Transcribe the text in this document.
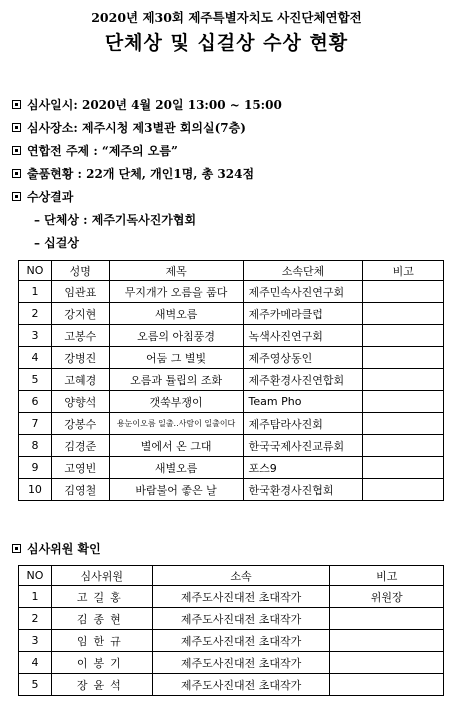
2020년 제30회 제주특별자치도 사진단체연합전
단체상 및 십걸상 수상 현황
심사일시: 2020년 4월 20일 13:00 ~ 15:00
심사장소: 제주시청 제3별관 회의실(7층)
연합전 주제 : “제주의 오름”
출품현황 : 22개 단체, 개인1명, 총 324점
수상결과
– 단체상 : 제주기독사진가협회
– 십걸상
NO	성명	제목	소속단체	비고
1	임관표	무지개가 오름을 품다	제주민속사진연구회	
2	강지현	새벽오름	제주카메라클럽	
3	고봉수	오름의 아침풍경	녹색사진연구회	
4	강병진	어둠 그 별빛	제주영상동인	
5	고혜경	오름과 튤립의 조화	제주환경사진연합회	
6	양향석	갯쑥부쟁이	Team Pho	
7	강봉수	용눈이오름 일출..사람이 일출이다	제주탐라사진회	
8	김경준	별에서 온 그대	한국국제사진교류회	
9	고영빈	새별오름	포스9	
10	김영철	바람불어 좋은 날	한국환경사진협회	
심사위원 확인
NO	심사위원	소속	비고
1	고길홍	제주도사진대전 초대작가	위원장
2	김종현	제주도사진대전 초대작가	
3	임한규	제주도사진대전 초대작가	
4	이봉기	제주도사진대전 초대작가	
5	장윤석	제주도사진대전 초대작가	
